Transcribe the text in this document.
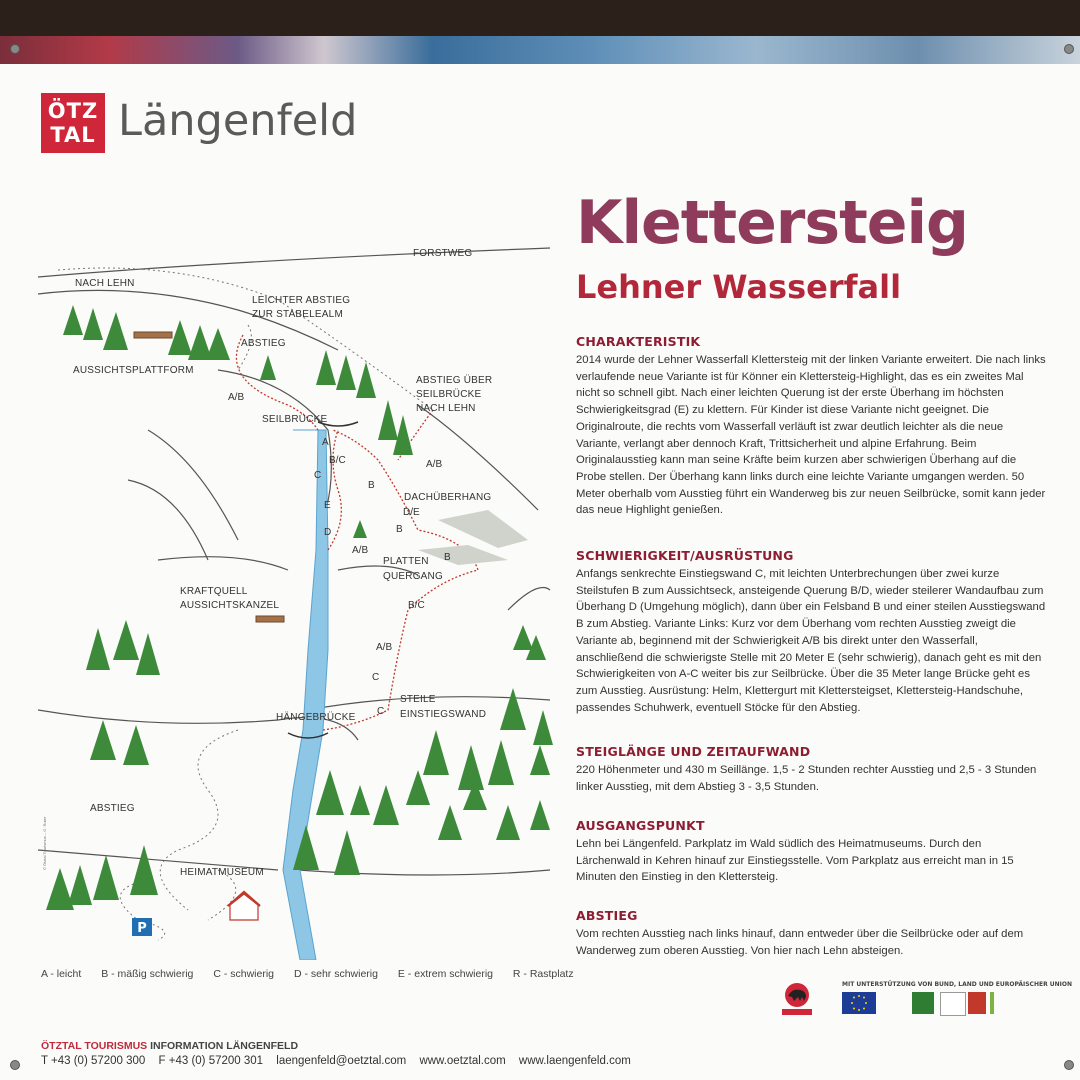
ÖTZ
TAL Längenfeld
Klettersteig
Lehner Wasserfall
CHARAKTERISTIK

2014 wurde der Lehner Wasserfall Klettersteig mit der linken Variante erweitert. Die nach links verlaufende neue Variante ist für Könner ein Klettersteig-Highlight, das es ein zweites Mal nicht so schnell gibt. Nach einer leichten Querung ist der erste Überhang im höchsten Schwierigkeitsgrad (E) zu klettern. Für Kinder ist diese Variante nicht geeignet. Die Originalroute, die rechts vom Wasserfall verläuft ist zwar deutlich leichter als die neue Variante, verlangt aber dennoch Kraft, Trittsicherheit und alpine Erfahrung. Beim Originalausstieg kann man seine Kräfte beim kurzen aber schwierigen Überhang auf die Probe stellen. Der Überhang kann links durch eine leichte Variante umgangen werden. 50 Meter oberhalb vom Ausstieg führt ein Wanderweg bis zur neuen Seilbrücke, somit kann jeder das neue Highlight genießen.

SCHWIERIGKEIT/AUSRÜSTUNG

Anfangs senkrechte Einstiegswand C, mit leichten Unterbrechungen über zwei kurze Steilstufen B zum Aussichtseck, ansteigende Querung B/D, wieder steilerer Wandaufbau zum Überhang D (Umgehung möglich), dann über ein Felsband B und einer steilen Ausstiegswand B zum Abstieg. Variante Links: Kurz vor dem Überhang vom rechten Ausstieg zweigt die Variante ab, beginnend mit der Schwierigkeit A/B bis direkt unter den Wasserfall, anschließend die schwierigste Stelle mit 20 Meter E (sehr schwierig), danach geht es mit den Schwierigkeiten von A-C weiter bis zur Seilbrücke. Über die 35 Meter lange Brücke geht es zum Ausstieg. Ausrüstung: Helm, Klettergurt mit Klettersteigset, Klettersteig-Handschuhe, passendes Schuhwerk, eventuell Stöcke für den Abstieg.

STEIGLÄNGE UND ZEITAUFWAND

220 Höhenmeter und 430 m Seillänge. 1,5 - 2 Stunden rechter Ausstieg und 2,5 - 3 Stunden linker Ausstieg, mit dem Abstieg 3 - 3,5 Stunden.

AUSGANGSPUNKT

Lehn bei Längenfeld. Parkplatz im Wald südlich des Heimatmuseums. Durch den Lärchenwald in Kehren hinauf zur Einstiegsstelle. Vom Parkplatz aus erreicht man in 15 Minuten den Einstieg in den Klettersteig.

ABSTIEG

Vom rechten Ausstieg nach links hinauf, dann entweder über die Seilbrücke oder auf dem Wanderweg zum oberen Ausstieg. Von hier nach Lehn absteigen.

P
FORSTWEG
NACH LEHN
LEICHTER ABSTIEG
ZUR STABELEALM
ABSTIEG
AUSSICHTSPLATTFORM
ABSTIEG ÜBER
SEILBRÜCKE
NACH LEHN
SEILBRÜCKE
DACHÜBERHANG
PLATTEN
QUERGANG
KRAFTQUELL
AUSSICHTSKANZEL
STEILE
EINSTIEGSWAND
HÄNGEBRÜCKE
ABSTIEG
HEIMATMUSEUM
© Ötztal Tourismus – G. Ruter
A/B
A
B/C
C
E
D
A/B
B
D/E
B
A/B
B
B/C
A/B
C
C
A - leicht B - mäßig schwierig C - schwierig D - sehr schwierig E - extrem schwierig R - Rastplatz
MIT UNTERSTÜTZUNG VON BUND, LAND UND EUROPÄISCHER UNION
ÖTZTAL TOURISMUS INFORMATION LÄNGENFELD
T +43 (0) 57200 300 F +43 (0) 57200 301 laengenfeld@oetztal.com www.oetztal.com www.laengenfeld.com
